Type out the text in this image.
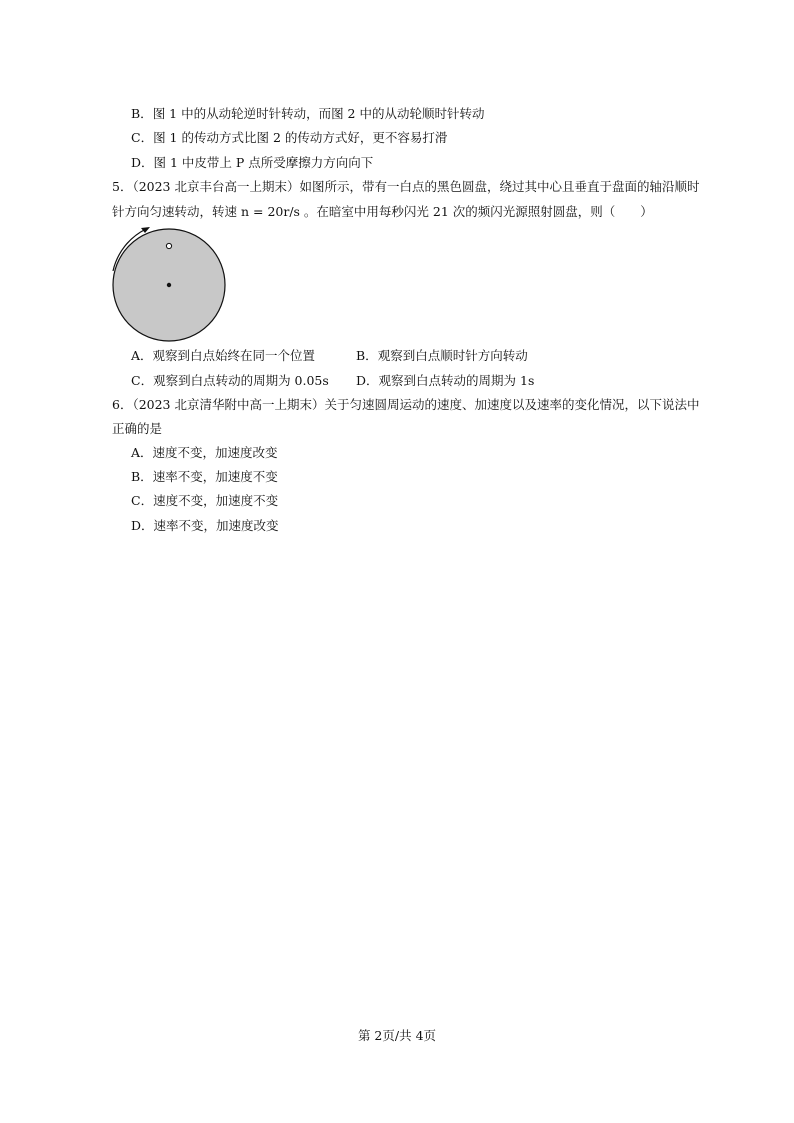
B．图 1 中的从动轮逆时针转动，而图 2 中的从动轮顺时针转动
C．图 1 的传动方式比图 2 的传动方式好，更不容易打滑
D．图 1 中皮带上 P 点所受摩擦力方向向下
5．（2023 北京丰台高一上期末）如图所示，带有一白点的黑色圆盘，绕过其中心且垂直于盘面的轴沿顺时
针方向匀速转动，转速 n = 20r/s 。在暗室中用每秒闪光 21 次的频闪光源照射圆盘，则（　　）
A．观察到白点始终在同一个位置	B．观察到白点顺时针方向转动
C．观察到白点转动的周期为 0.05s D．观察到白点转动的周期为 1s
6．（2023 北京清华附中高一上期末）关于匀速圆周运动的速度、加速度以及速率的变化情况，以下说法中
正确的是
A．速度不变，加速度改变
B．速率不变，加速度不变
C．速度不变，加速度不变
D．速率不变，加速度改变
第 2页/共 4页
